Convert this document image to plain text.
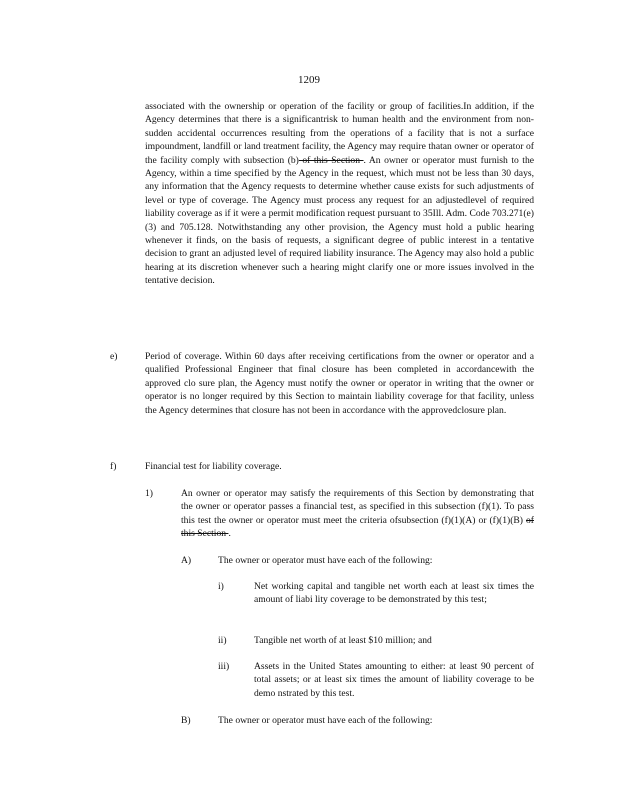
1209
associated with the ownership or operation of the facility or group of facilities.In addition, if the Agency determines that there is a significantrisk to human health and the environment from non-sudden accidental occurrences resulting from the operations of a facility that is not a surface impoundment, landfill or land treatment facility, the Agency may require thatan owner or operator of the facility comply with subsection (b) of this Section . An owner or operator must furnish to the Agency, within a time specified by the Agency in the request, which must not be less than 30 days, any information that the Agency requests to determine whether cause exists for such adjustments of level or type of coverage. The Agency must process any request for an adjustedlevel of required liability coverage as if it were a permit modification request pursuant to 35Ill. Adm. Code 703.271(e)(3) and 705.128. Notwithstanding any other provision, the Agency must hold a public hearing whenever it finds, on the basis of requests, a significant degree of public interest in a tentative decision to grant an adjusted level of required liability insurance. The Agency may also hold a public hearing at its discretion whenever such a hearing might clarify one or more issues involved in the tentative decision.
e)	Period of coverage. Within 60 days after receiving certifications from the owner or operator and a qualified Professional Engineer that final closure has been completed in accordancewith the approved clo sure plan, the Agency must notify the owner or operator in writing that the owner or operator is no longer required by this Section to maintain liability coverage for that facility, unless the Agency determines that closure has not been in accordance with the approvedclosure plan.
f)	Financial test for liability coverage.
1)	An owner or operator may satisfy the requirements of this Section by demonstrating that the owner or operator passes a financial test, as specified in this subsection (f)(1). To pass this test the owner or operator must meet the criteria ofsubsection (f)(1)(A) or (f)(1)(B) of this Section .
A)	The owner or operator must have each of the following:
i)	Net working capital and tangible net worth each at least six times the amount of liabi lity coverage to be demonstrated by this test;
ii)	Tangible net worth of at least $10 million; and
iii)	Assets in the United States amounting to either: at least 90 percent of total assets; or at least six times the amount of liability coverage to be demo nstrated by this test.
B)	The owner or operator must have each of the following:
